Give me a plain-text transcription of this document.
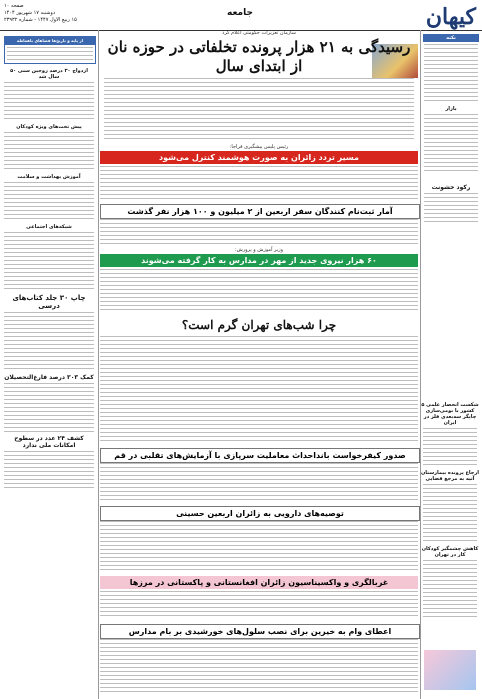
کیهان
جامعه
صفحه ۱۰
دوشنبه ۱۷ شهریور ۱۴۰۴
۱۵ ربیع الاول ۱۴۴۷ - شماره ۲۳۹۳۲
نکته
بازار
رکود خشونت
از پایه و تاریخ‌ها فضاهای باهماطه
ازدواج ۳۰ درصد زوجین سنی ۵۰ سال شد
پیش تخت‌های ویژه کودکان
آموزش بهداشت و سلامت
شبکه‌های اجتماعی
چاپ ۳۰ جلد کتاب‌های درسی
کمک ۳۰۳ درصد فارغ‌التحصیلان
کشف ۲۴ عدد در سطوح امکانات ملی ندارد
سازمان تعزیرات حکومتی اعلام کرد
رسیدگی به ۲۱ هزار پرونده تخلفاتی در حوزه نان از ابتدای سال
رئیس پلیس پیشگیری فراجا:
مسیر تردد زائران به صورت هوشمند کنترل می‌شود
آمار ثبت‌نام کنندگان سفر اربعین از ۲ میلیون و ۱۰۰ هزار نفر گذشت
وزیر آموزش و پرورش:
۶۰ هزار نیروی جدید از مهر در مدارس به کار گرفته می‌شوند
چرا شب‌های تهران گرم است؟
صدور کیفرخواست بانداحداث معاملیت سرپازی با آزمایش‌های تقلبی در قم
توصیه‌های دارویی به زائران اربعین حسینی
غربالگری و واکسیناسیون زائران افغانستانی و پاکستانی در مرزها
اعطای وام به خیرین برای نصب سلول‌های خورشیدی بر بام مدارس
شکست انحصار علمی ۵ کشور با بومی‌سازی چاپگر سه‌بعدی فلز در ایران
ارجاع پرونده بیمارستان آتیه به مرجع قضایی
کاهش چشمگیر کودکان کار در تهران
